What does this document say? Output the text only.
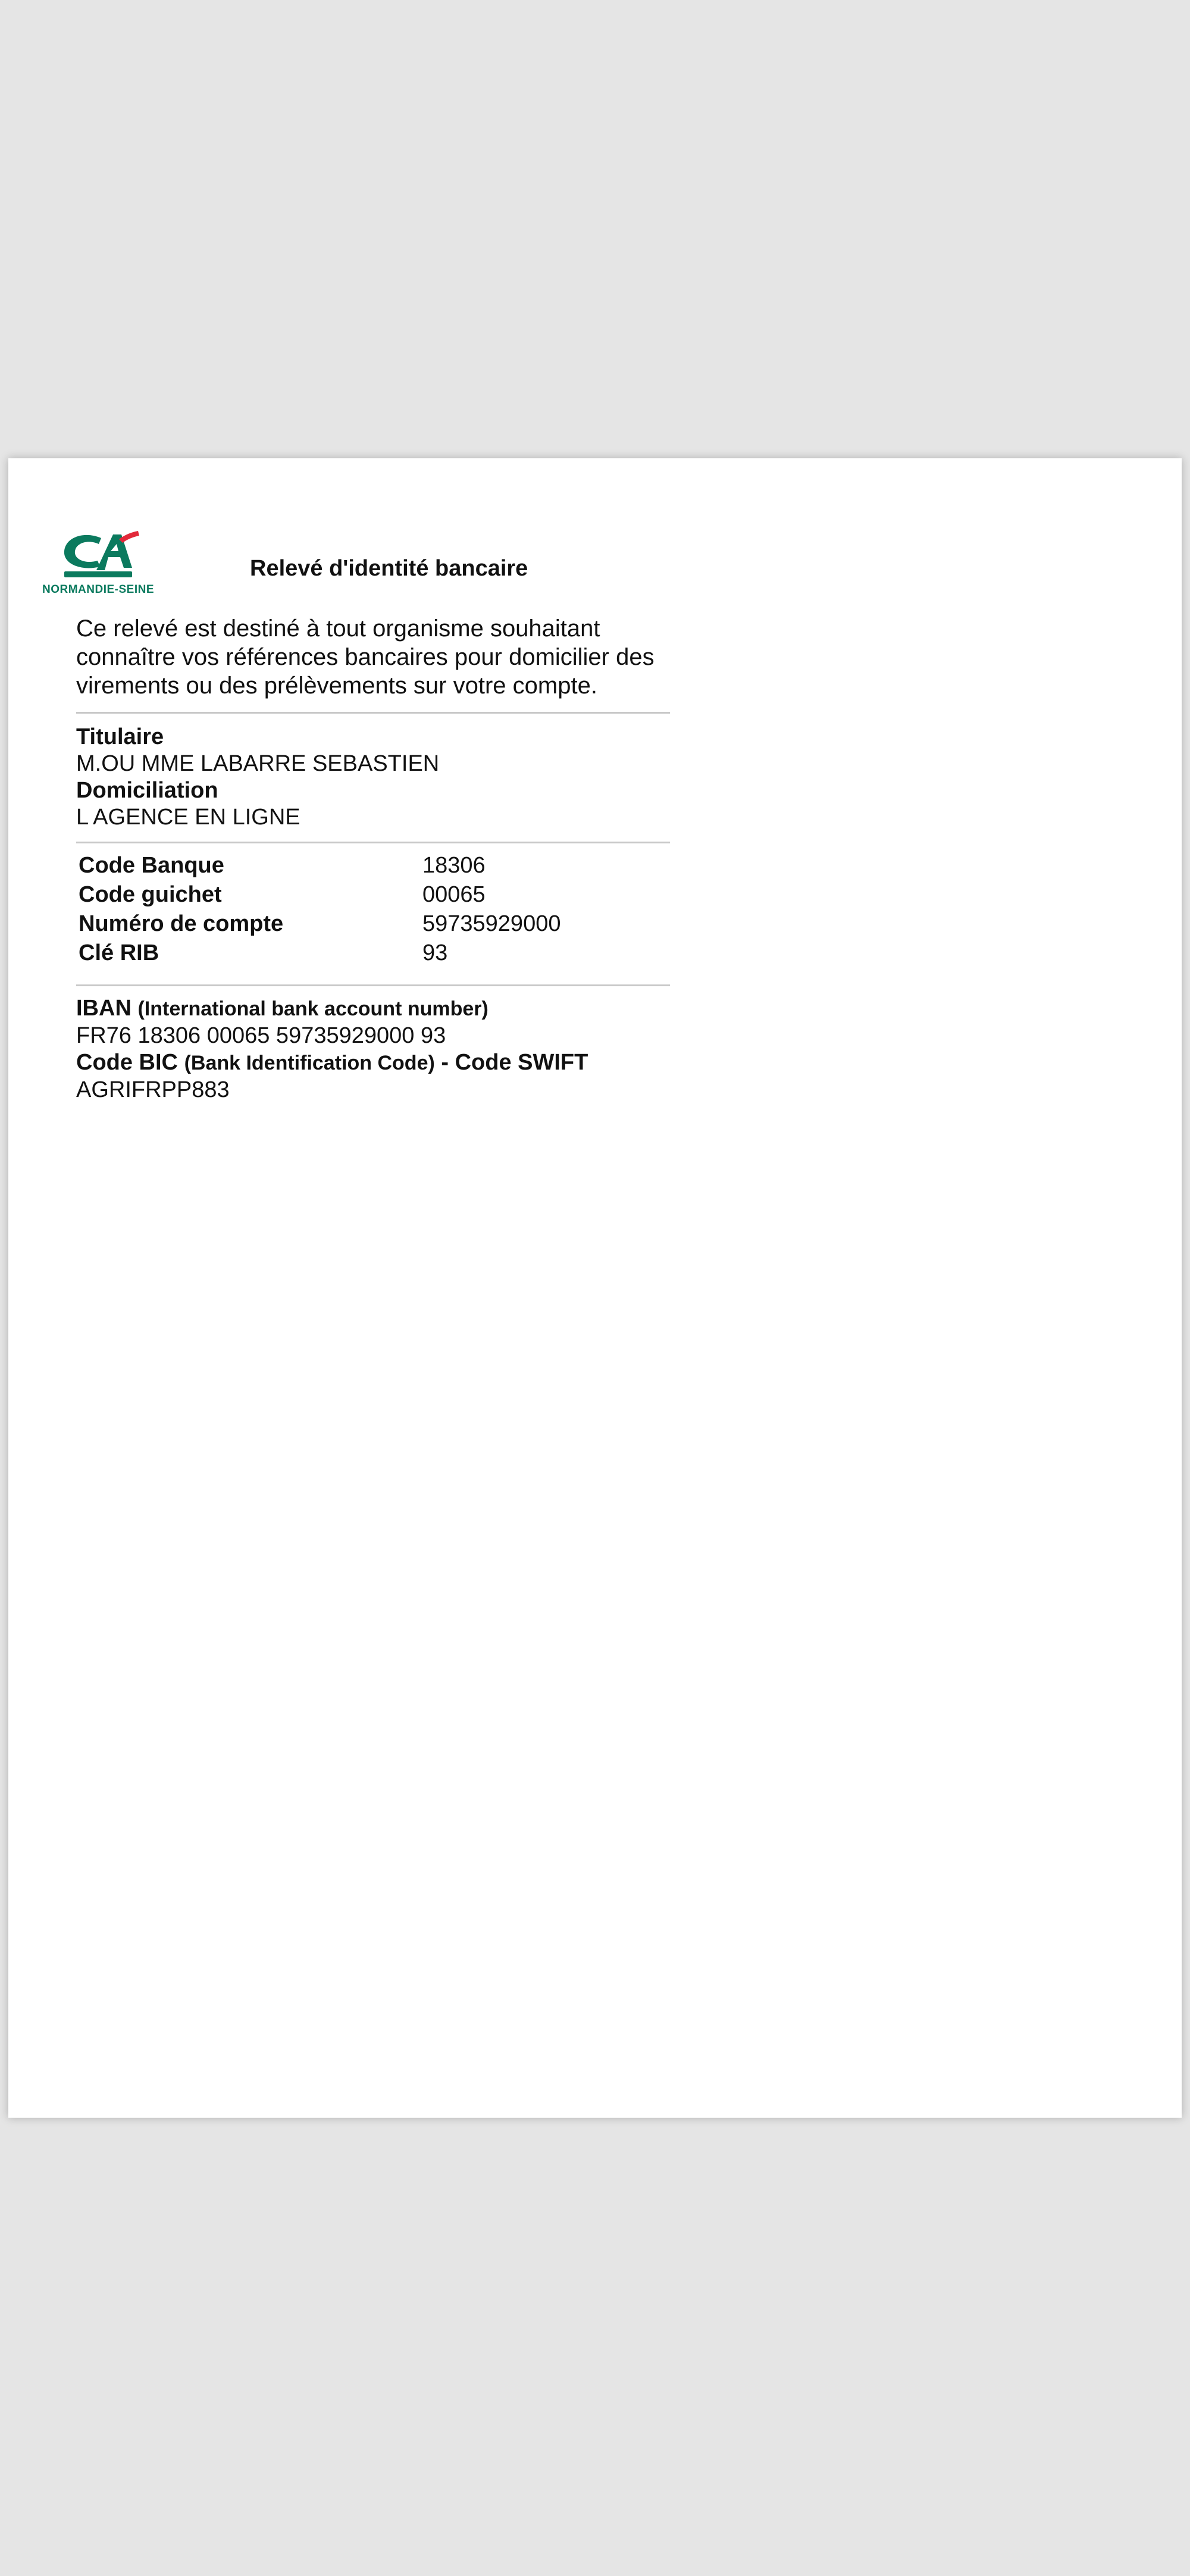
NORMANDIE-SEINE
Relevé d'identité bancaire

Ce relevé est destiné à tout organisme souhaitant connaître vos références bancaires pour domicilier des virements ou des prélèvements sur votre compte.

Titulaire
M.OU MME LABARRE SEBASTIEN
Domiciliation
L AGENCE EN LIGNE
Code Banque	18306
Code guichet	00065
Numéro de compte	59735929000
Clé RIB	93
IBAN (International bank account number)
FR76 18306 00065 59735929000 93
Code BIC (Bank Identification Code) - Code SWIFT
AGRIFRPP883
